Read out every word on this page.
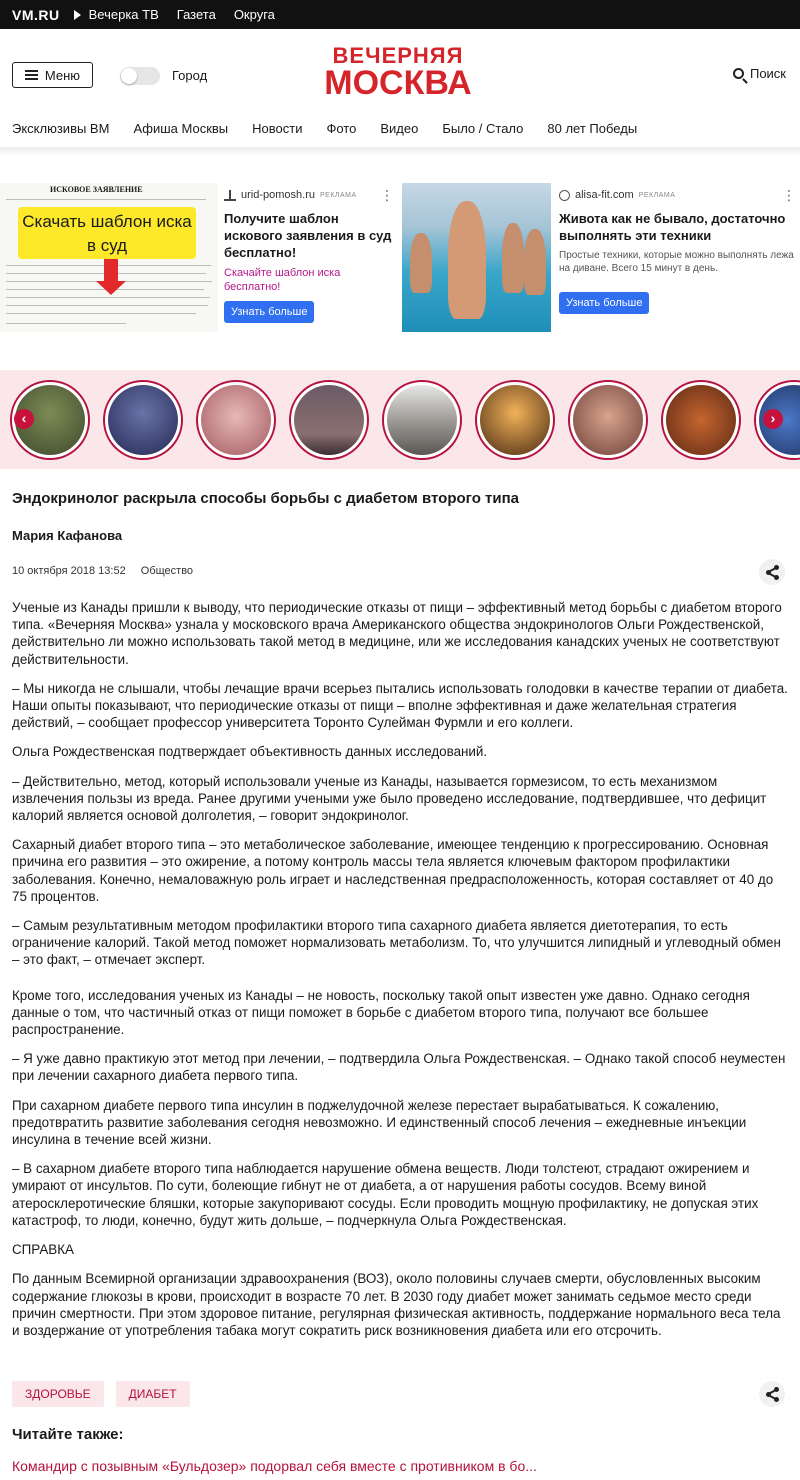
VM.RU Вечерка ТВ Газета Округа
Меню	Город
ВЕЧЕРНЯЯ
МОСКВА	Поиск
Эксклюзивы ВМ Афиша Москвы Новости Фото Видео Было / Стало 80 лет Победы
ИСКОВОЕ ЗАЯВЛЕНИЕ
Скачать шаблон иска в суд
urid-pomosh.ru РЕКЛАМА ⋮
Получите шаблон искового заявления в суд бесплатно!
Скачайте шаблон иска бесплатно!
Узнать больше
alisa-fit.com РЕКЛАМА	⋮
Живота как не бывало, достаточно выполнять эти техники
Простые техники, которые можно выполнять лежа на диване. Всего 15 минут в день.
Узнать больше
‹	›
Эндокринолог раскрыла способы борьбы с диабетом второго типа
Мария Кафанова
10 октября 2018 13:52 Общество

Ученые из Канады пришли к выводу, что периодические отказы от пищи – эффективный метод борьбы с диабетом второго типа. «Вечерняя Москва» узнала у московского врача Американского общества эндокринологов Ольги Рождественской, действительно ли можно использовать такой метод в медицине, или же исследования канадских ученых не соответствуют действительности.

– Мы никогда не слышали, чтобы лечащие врачи всерьез пытались использовать голодовки в качестве терапии от диабета. Наши опыты показывают, что периодические отказы от пищи – вполне эффективная и даже желательная стратегия действий, – сообщает профессор университета Торонто Сулейман Фурмли и его коллеги.

Ольга Рождественская подтверждает объективность данных исследований.

– Действительно, метод, который использовали ученые из Канады, называется гормезисом, то есть механизмом извлечения пользы из вреда. Ранее другими учеными уже было проведено исследование, подтвердившее, что дефицит калорий является основой долголетия, – говорит эндокринолог.

Сахарный диабет второго типа – это метаболическое заболевание, имеющее тенденцию к прогрессированию. Основная причина его развития – это ожирение, а потому контроль массы тела является ключевым фактором профилактики заболевания. Конечно, немаловажную роль играет и наследственная предрасположенность, которая составляет от 40 до 75 процентов.

– Самым результативным методом профилактики второго типа сахарного диабета является диетотерапия, то есть ограничение калорий. Такой метод поможет нормализовать метаболизм. То, что улучшится липидный и углеводный обмен – это факт, – отмечает эксперт.

Кроме того, исследования ученых из Канады – не новость, поскольку такой опыт известен уже давно. Однако сегодня данные о том, что частичный отказ от пищи поможет в борьбе с диабетом второго типа, получают все большее распространение.

– Я уже давно практикую этот метод при лечении, – подтвердила Ольга Рождественская. – Однако такой способ неуместен при лечении сахарного диабета первого типа.

При сахарном диабете первого типа инсулин в поджелудочной железе перестает вырабатываться. К сожалению, предотвратить развитие заболевания сегодня невозможно. И единственный способ лечения – ежедневные инъекции инсулина в течение всей жизни.

– В сахарном диабете второго типа наблюдается нарушение обмена веществ. Люди толстеют, страдают ожирением и умирают от инсультов. По сути, болеющие гибнут не от диабета, а от нарушения работы сосудов. Всему виной атеросклеротические бляшки, которые закупоривают сосуды. Если проводить мощную профилактику, не допуская этих катастроф, то люди, конечно, будут жить дольше, – подчеркнула Ольга Рождественская.

СПРАВКА

По данным Всемирной организации здравоохранения (ВОЗ), около половины случаев смерти, обусловленных высоким содержание глюкозы в крови, происходит в возрасте 70 лет. В 2030 году диабет может занимать седьмое место среди причин смертности. При этом здоровое питание, регулярная физическая активность, поддержание нормального веса тела и воздержание от употребления табака могут сократить риск возникновения диабета или его отсрочить.

ЗДОРОВЬЕ	ДИАБЕТ
Читайте также:
Командир с позывным «Бульдозер» подорвал себя вместе с противником в бо...
